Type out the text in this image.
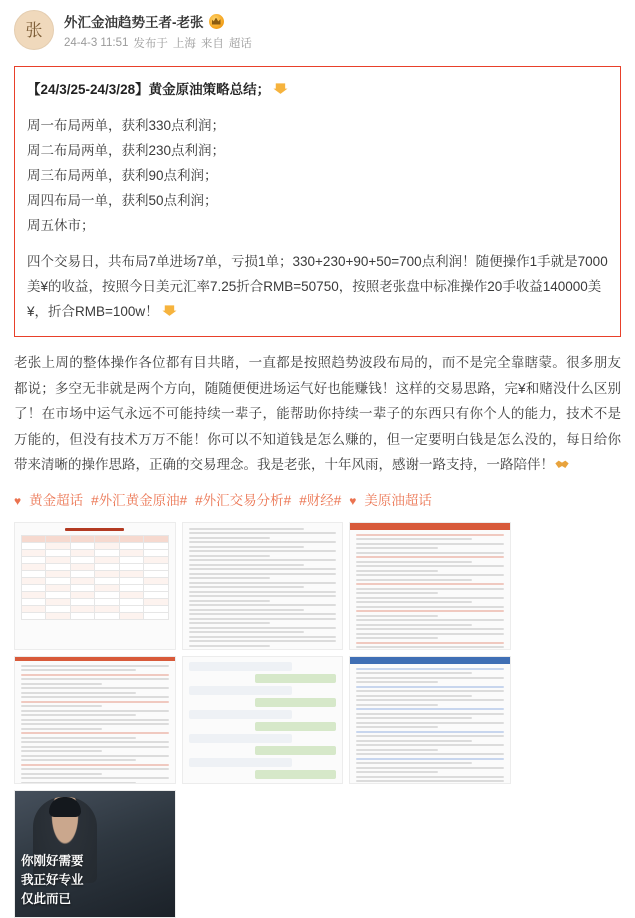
张 外汇金油趋势王者-老张
24-4-3 11:51 发布于 上海 来自 超话

【24/3/25-24/3/28】黄金原油策略总结；

周一布局两单，获利330点利润；

周二布局两单，获利230点利润；

周三布局两单，获利90点利润；

周四布局一单，获利50点利润；

周五休市；

四个交易日，共布局7单进场7单，亏损1单；330+230+90+50=700点利润！随便操作1手就是7000美¥的收益，按照今日美元汇率7.25折合RMB=50750，按照老张盘中标准操作20手收益140000美¥，折合RMB=100w！

老张上周的整体操作各位都有目共睹，一直都是按照趋势波段布局的，而不是完全靠瞎蒙。很多朋友都说；多空无非就是两个方向，随随便便进场运气好也能赚钱！这样的交易思路，完¥和赌没什么区别了！在市场中运气永远不可能持续一辈子，能帮助你持续一辈子的东西只有你个人的能力，技术不是万能的，但没有技术万万不能！你可以不知道钱是怎么赚的，但一定要明白钱是怎么没的，每日给你带来清晰的操作思路，正确的交易理念。我是老张，十年风雨，感谢一路支持，一路陪伴！
♥ 黄金超话 #外汇黄金原油# #外汇交易分析# #财经# ♥ 美原油超话
你刚好需要
我正好专业
仅此而已
